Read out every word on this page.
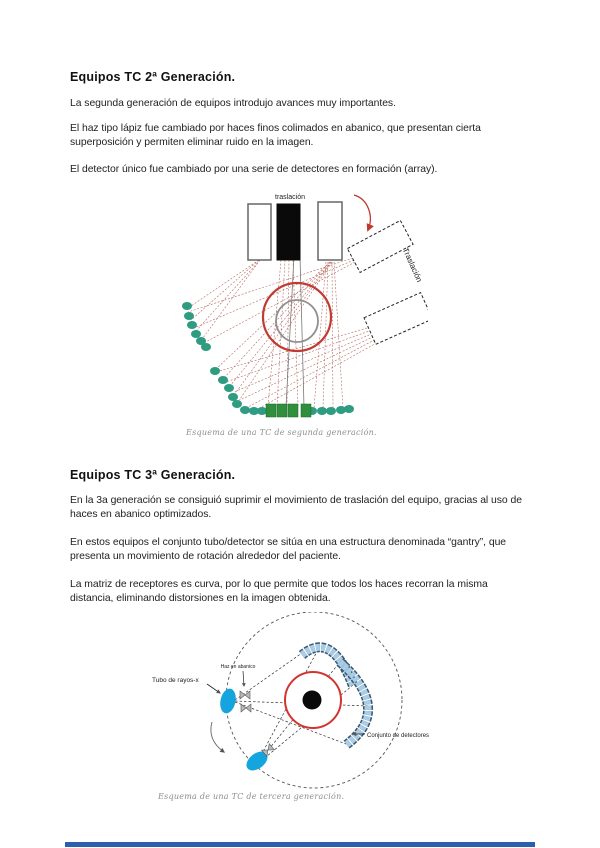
Equipos TC 2ª Generación.

La segunda generación de equipos introdujo avances muy importantes.

El haz tipo lápiz fue cambiado por haces finos colimados en abanico, que presentan cierta superposición y permiten eliminar ruido en la imagen.

El detector único fue cambiado por una serie de detectores en formación (array).

traslación
Traslación
Esquema de una TC de segunda generación.
Equipos TC 3ª Generación.

En la 3a generación se consiguió suprimir el movimiento de traslación del equipo, gracias al uso de haces en abanico optimizados.

En estos equipos el conjunto tubo/detector se sitúa en una estructura denominada “gantry”, que presenta un movimiento de rotación alrededor del paciente.

La matriz de receptores es curva, por lo que permite que todos los haces recorran la misma distancia, eliminando distorsiones en la imagen obtenida.

Tubo de rayos-x
Haz en abanico
Conjunto de detectores
Esquema de una TC de tercera generación.
